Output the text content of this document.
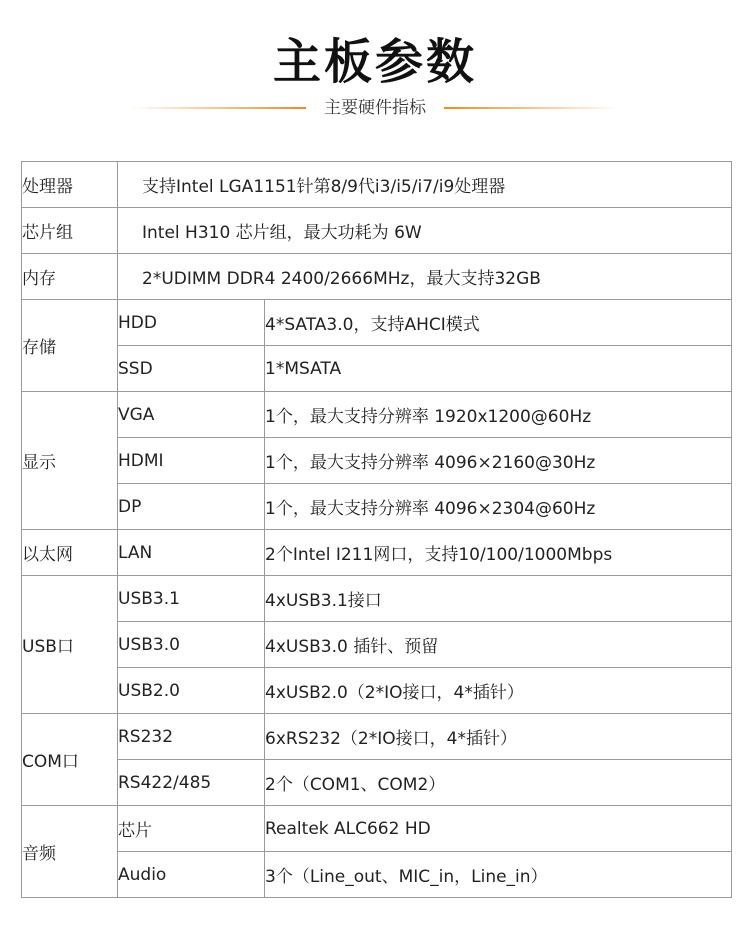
主板参数
主要硬件指标
处理器	支持Intel LGA1151针第8/9代i3/i5/i7/i9处理器	
芯片组	Intel H310 芯片组，最大功耗为 6W	
内存	2*UDIMM DDR4 2400/2666MHz，最大支持32GB	
存储	HDD	4*SATA3.0，支持AHCI模式
	SSD	1*MSATA
显示	VGA	1个，最大支持分辨率 1920x1200@60Hz
	HDMI	1个，最大支持分辨率 4096×2160@30Hz
	DP	1个，最大支持分辨率 4096×2304@60Hz
以太网	LAN	2个Intel I211网口，支持10/100/1000Mbps
USB口	USB3.1	4xUSB3.1接口
	USB3.0	4xUSB3.0 插针、预留
	USB2.0	4xUSB2.0（2*IO接口，4*插针）
COM口	RS232	6xRS232（2*IO接口，4*插针）
	RS422/485	2个（COM1、COM2）
音频	芯片	Realtek ALC662 HD
	Audio	3个（Line_out、MIC_in，Line_in）
